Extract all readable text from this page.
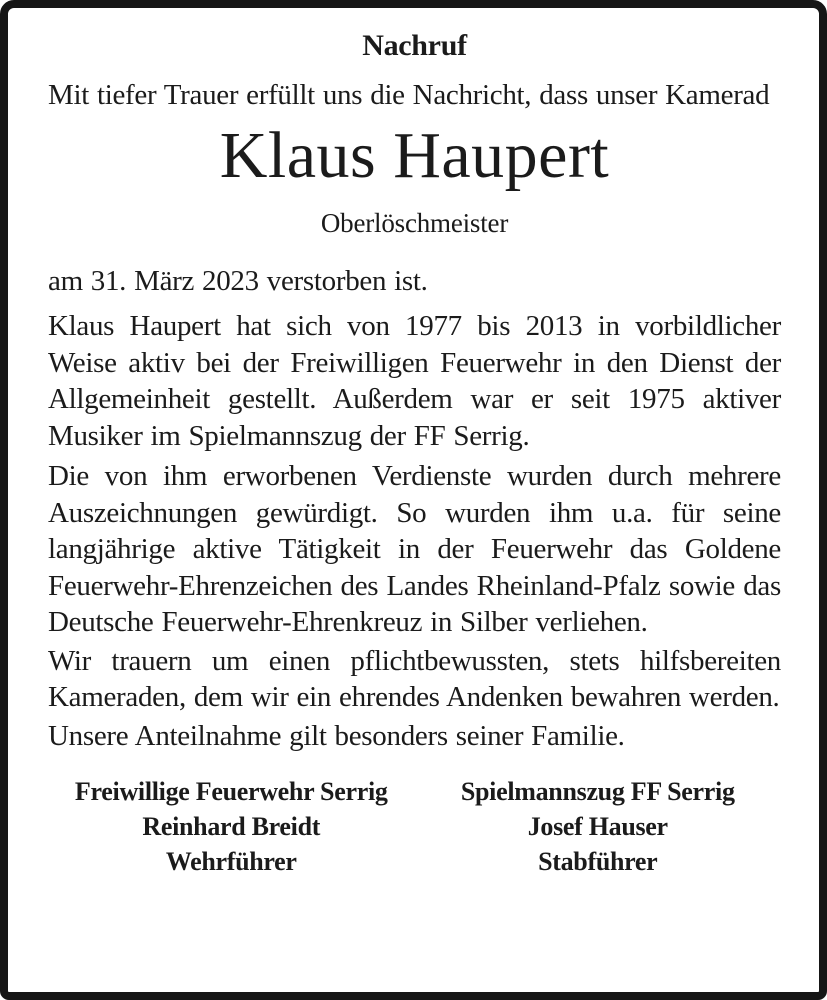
Nachruf

Mit tiefer Trauer erfüllt uns die Nachricht, dass unser Kamerad

Klaus Haupert
Oberlöschmeister

am 31. März 2023 verstorben ist.

Klaus Haupert hat sich von 1977 bis 2013 in vorbildlicher Weise aktiv bei der Freiwilligen Feuerwehr in den Dienst der Allgemeinheit gestellt. Außerdem war er seit 1975 aktiver Musiker im Spielmannszug der FF Serrig.

Die von ihm erworbenen Verdienste wurden durch mehrere Auszeichnungen gewürdigt. So wurden ihm u.a. für seine langjährige aktive Tätigkeit in der Feuerwehr das Goldene Feuerwehr-Ehrenzeichen des Landes Rheinland-Pfalz sowie das Deutsche Feuerwehr-Ehrenkreuz in Silber verliehen.

Wir trauern um einen pflichtbewussten, stets hilfsbereiten Kameraden, dem wir ein ehrendes Andenken bewahren werden.

Unsere Anteilnahme gilt besonders seiner Familie.

Freiwillige Feuerwehr Serrig
Reinhard Breidt
Wehrführer
Spielmannszug FF Serrig
Josef Hauser
Stabführer
